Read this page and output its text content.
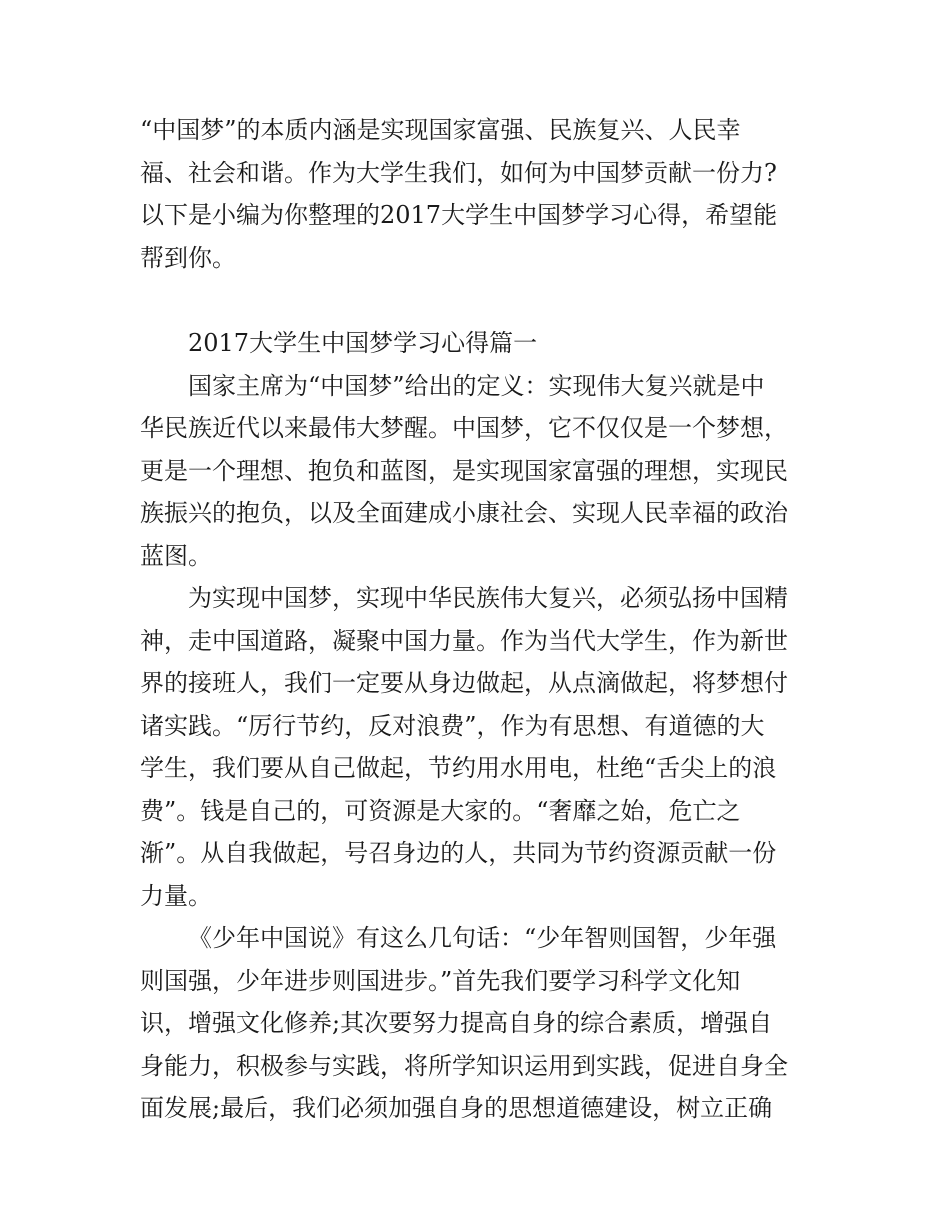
“中国梦”的本质内涵是实现国家富强、民族复兴、人民幸
福、社会和谐。作为大学生我们，如何为中国梦贡献一份力?
以下是小编为你整理的2017大学生中国梦学习心得，希望能
帮到你。
2017大学生中国梦学习心得篇一
国家主席为“中国梦”给出的定义：实现伟大复兴就是中
华民族近代以来最伟大梦醒。中国梦，它不仅仅是一个梦想，
更是一个理想、抱负和蓝图，是实现国家富强的理想，实现民
族振兴的抱负，以及全面建成小康社会、实现人民幸福的政治
蓝图。
为实现中国梦，实现中华民族伟大复兴，必须弘扬中国精
神，走中国道路，凝聚中国力量。作为当代大学生，作为新世
界的接班人，我们一定要从身边做起，从点滴做起，将梦想付
诸实践。“厉行节约，反对浪费”，作为有思想、有道德的大
学生，我们要从自己做起，节约用水用电，杜绝“舌尖上的浪
费”。钱是自己的，可资源是大家的。“奢靡之始，危亡之
渐”。从自我做起，号召身边的人，共同为节约资源贡献一份
力量。
《少年中国说》有这么几句话：“少年智则国智，少年强
则国强，少年进步则国进步。”首先我们要学习科学文化知
识，增强文化修养;其次要努力提高自身的综合素质，增强自
身能力，积极参与实践，将所学知识运用到实践，促进自身全
面发展;最后，我们必须加强自身的思想道德建设，树立正确
